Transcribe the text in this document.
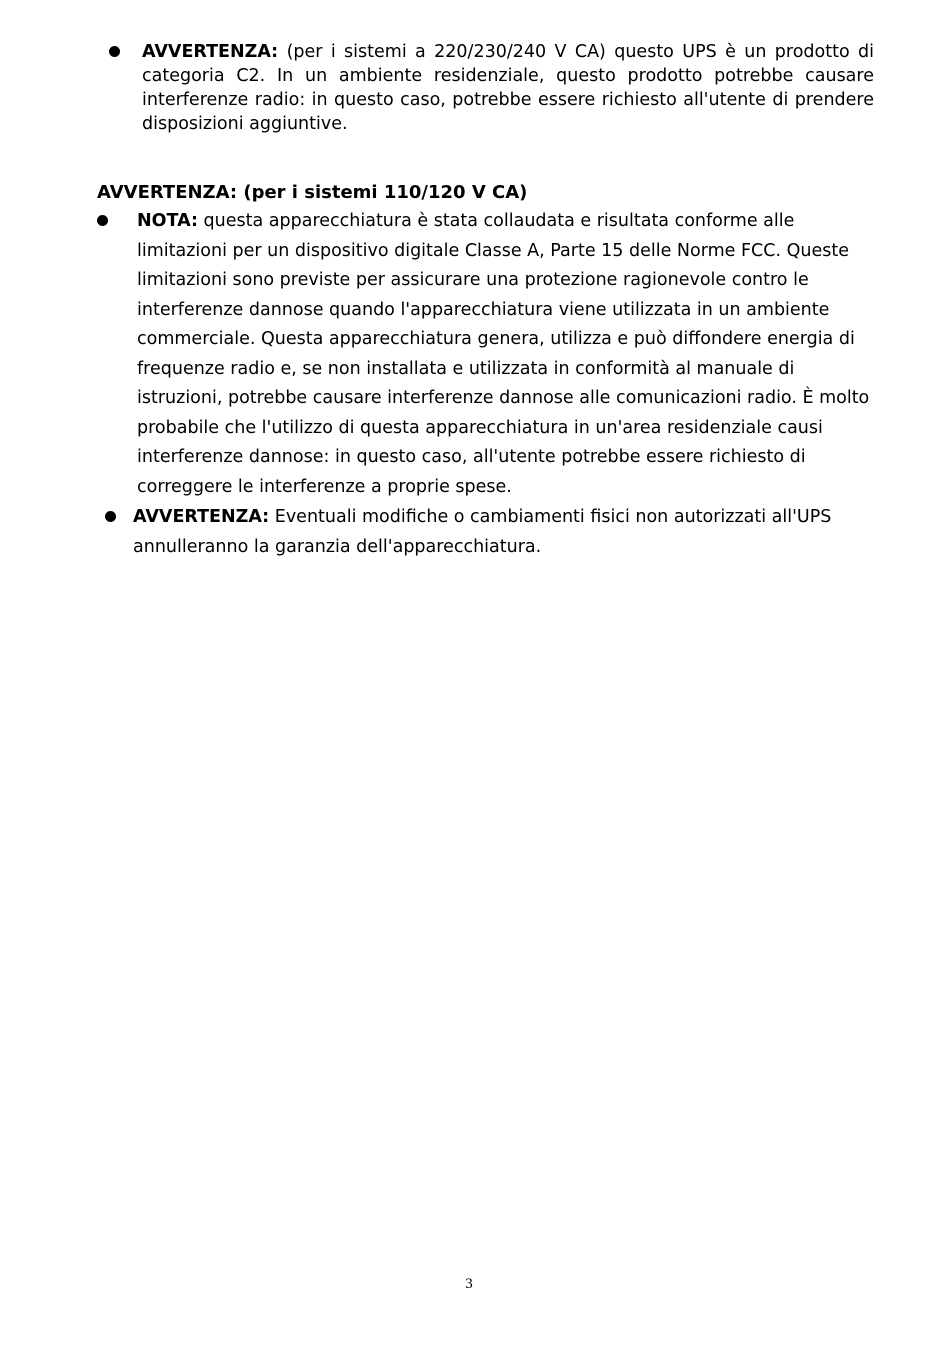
AVVERTENZA: (per i sistemi a 220/230/240 V CA) questo UPS è un prodotto di categoria C2. In un ambiente residenziale, questo prodotto potrebbe causare interferenze radio: in questo caso, potrebbe essere richiesto all'utente di prendere disposizioni aggiuntive.
AVVERTENZA: (per i sistemi 110/120 V CA)
NOTA: questa apparecchiatura è stata collaudata e risultata conforme alle limitazioni per un dispositivo digitale Classe A, Parte 15 delle Norme FCC. Queste limitazioni sono previste per assicurare una protezione ragionevole contro le interferenze dannose quando l'apparecchiatura viene utilizzata in un ambiente commerciale. Questa apparecchiatura genera, utilizza e può diffondere energia di frequenze radio e, se non installata e utilizzata in conformità al manuale di istruzioni, potrebbe causare interferenze dannose alle comunicazioni radio. È molto probabile che l'utilizzo di questa apparecchiatura in un'area residenziale causi interferenze dannose: in questo caso, all'utente potrebbe essere richiesto di correggere le interferenze a proprie spese.
AVVERTENZA: Eventuali modifiche o cambiamenti fisici non autorizzati all'UPS annulleranno la garanzia dell'apparecchiatura.
3
